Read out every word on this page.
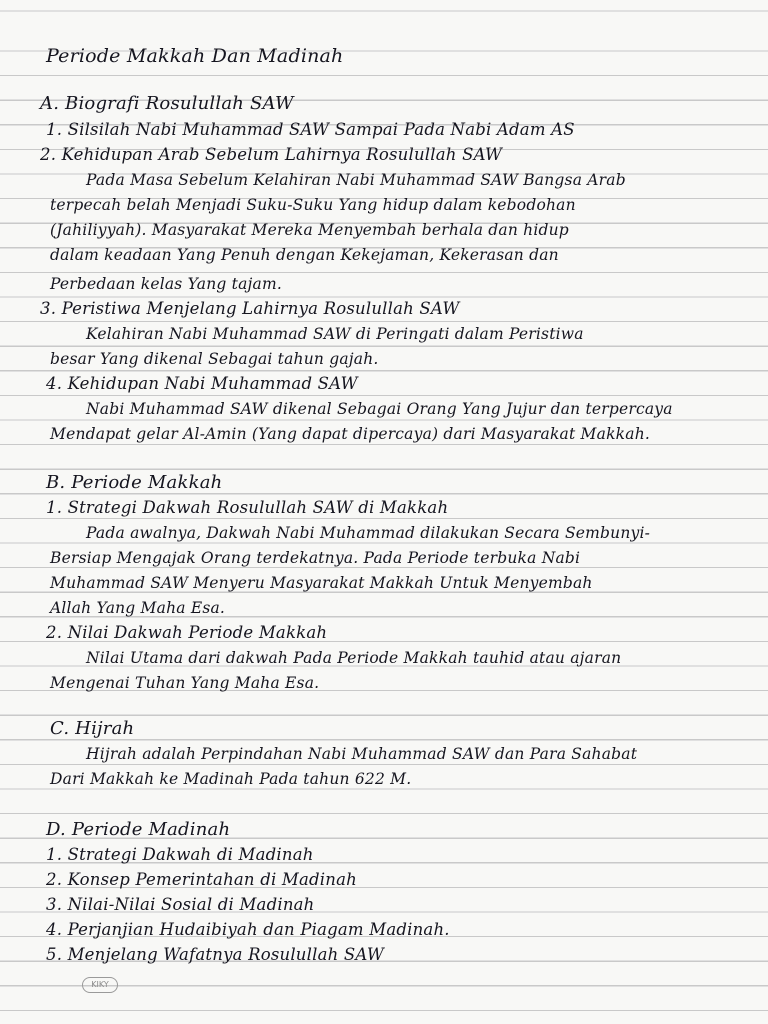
Periode Makkah Dan Madinah
A. Biografi Rosulullah SAW
1. Silsilah Nabi Muhammad SAW Sampai Pada Nabi Adam AS
2. Kehidupan Arab Sebelum Lahirnya Rosulullah SAW
Pada Masa Sebelum Kelahiran Nabi Muhammad SAW Bangsa Arab
terpecah belah Menjadi Suku-Suku Yang hidup dalam kebodohan
(Jahiliyyah). Masyarakat Mereka Menyembah berhala dan hidup
dalam keadaan Yang Penuh dengan Kekejaman, Kekerasan dan
Perbedaan kelas Yang tajam.
3. Peristiwa Menjelang Lahirnya Rosulullah SAW
Kelahiran Nabi Muhammad SAW di Peringati dalam Peristiwa
besar Yang dikenal Sebagai tahun gajah.
4. Kehidupan Nabi Muhammad SAW
Nabi Muhammad SAW dikenal Sebagai Orang Yang Jujur dan terpercaya
Mendapat gelar Al-Amin (Yang dapat dipercaya) dari Masyarakat Makkah.
B. Periode Makkah
1. Strategi Dakwah Rosulullah SAW di Makkah
Pada awalnya, Dakwah Nabi Muhammad dilakukan Secara Sembunyi-
Bersiap Mengajak Orang terdekatnya. Pada Periode terbuka Nabi
Muhammad SAW Menyeru Masyarakat Makkah Untuk Menyembah
Allah Yang Maha Esa.
2. Nilai Dakwah Periode Makkah
Nilai Utama dari dakwah Pada Periode Makkah tauhid atau ajaran
Mengenai Tuhan Yang Maha Esa.
C. Hijrah
Hijrah adalah Perpindahan Nabi Muhammad SAW dan Para Sahabat
Dari Makkah ke Madinah Pada tahun 622 M.
D. Periode Madinah
1. Strategi Dakwah di Madinah
2. Konsep Pemerintahan di Madinah
3. Nilai-Nilai Sosial di Madinah
4. Perjanjian Hudaibiyah dan Piagam Madinah.
5. Menjelang Wafatnya Rosulullah SAW
KIKY
